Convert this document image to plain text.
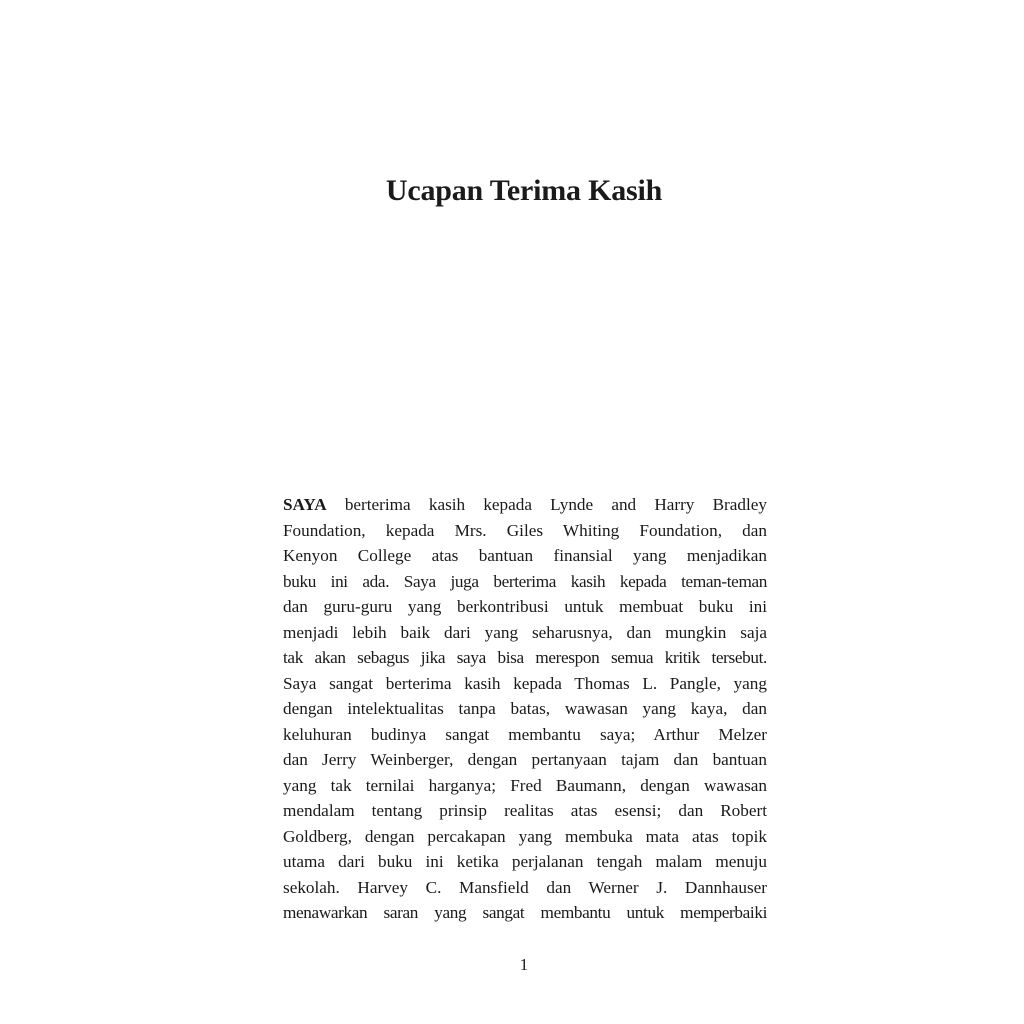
Ucapan Terima Kasih
SAYA berterima kasih kepada Lynde and Harry Bradley
Foundation, kepada Mrs. Giles Whiting Foundation, dan
Kenyon College atas bantuan finansial yang menjadikan
buku ini ada. Saya juga berterima kasih kepada teman-teman
dan guru-guru yang berkontribusi untuk membuat buku ini
menjadi lebih baik dari yang seharusnya, dan mungkin saja
tak akan sebagus jika saya bisa merespon semua kritik tersebut.
Saya sangat berterima kasih kepada Thomas L. Pangle, yang
dengan intelektualitas tanpa batas, wawasan yang kaya, dan
keluhuran budinya sangat membantu saya; Arthur Melzer
dan Jerry Weinberger, dengan pertanyaan tajam dan bantuan
yang tak ternilai harganya; Fred Baumann, dengan wawasan
mendalam tentang prinsip realitas atas esensi; dan Robert
Goldberg, dengan percakapan yang membuka mata atas topik
utama dari buku ini ketika perjalanan tengah malam menuju
sekolah. Harvey C. Mansfield dan Werner J. Dannhauser
menawarkan saran yang sangat membantu untuk memperbaiki
1
